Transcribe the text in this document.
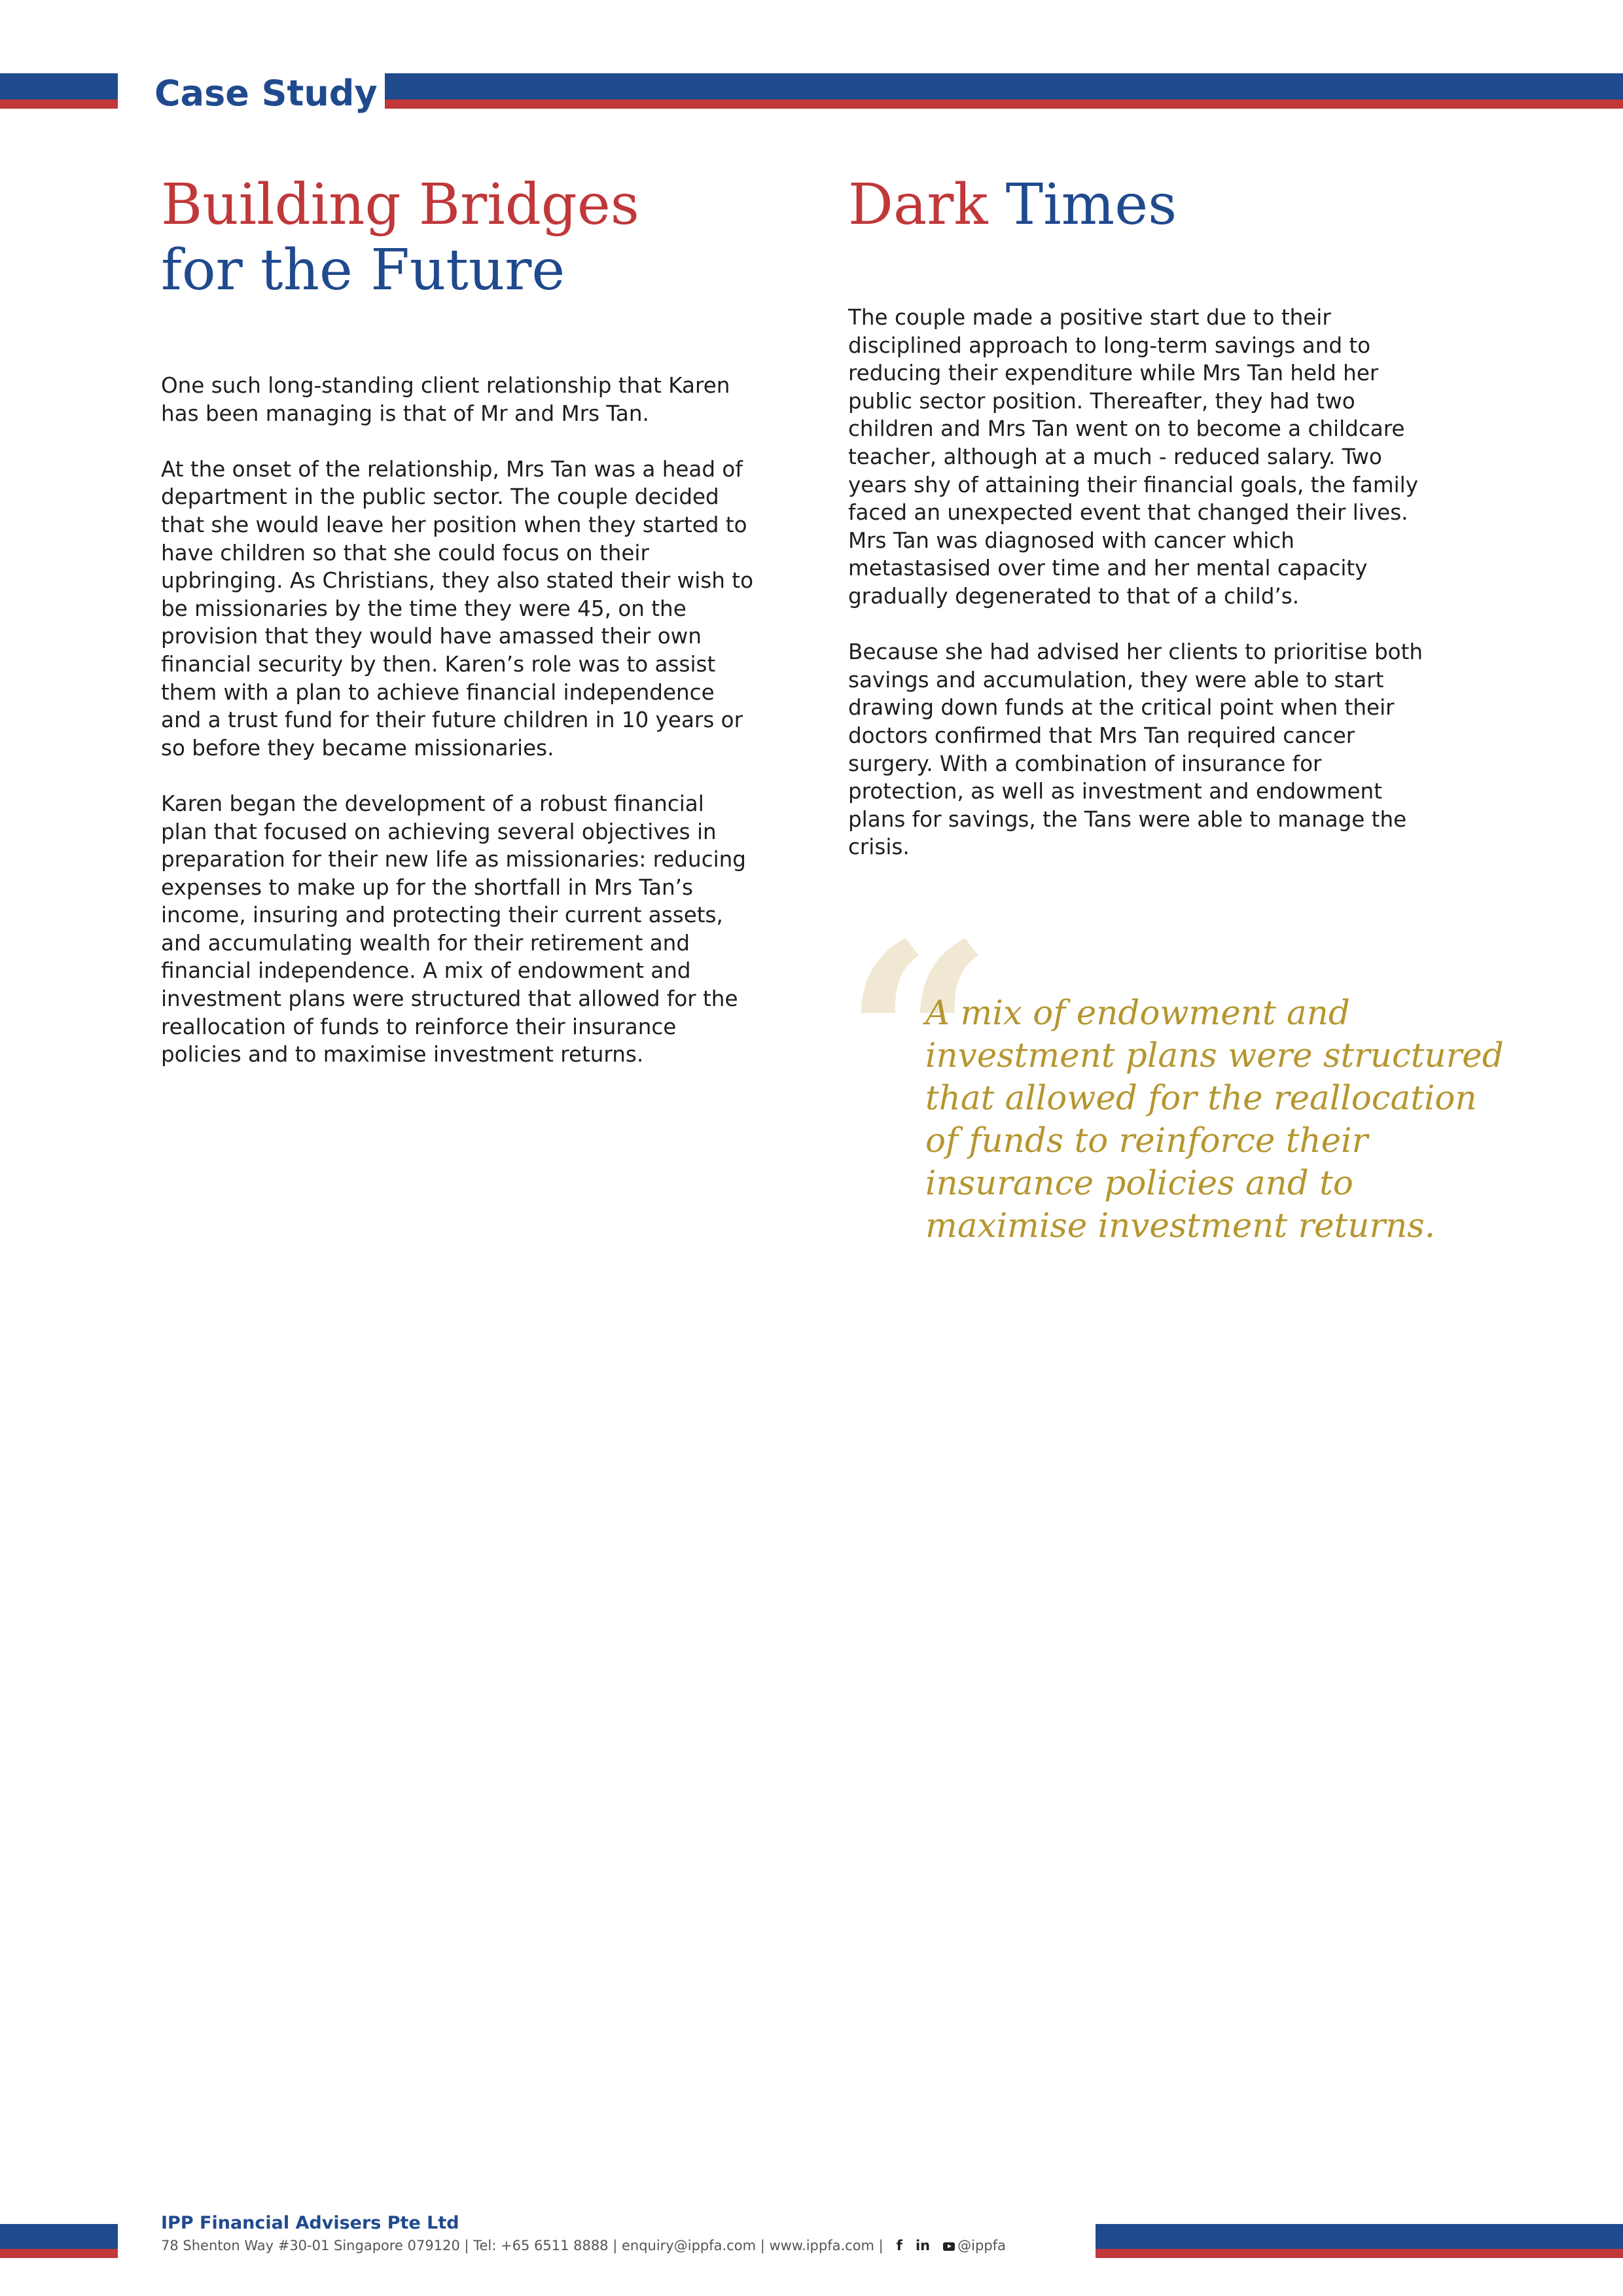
Case Study
Building Bridges
for the Future

One such long-standing client relationship that Karen
has been managing is that of Mr and Mrs Tan.

At the onset of the relationship, Mrs Tan was a head of
department in the public sector. The couple decided
that she would leave her position when they started to
have children so that she could focus on their
upbringing. As Christians, they also stated their wish to
be missionaries by the time they were 45, on the
provision that they would have amassed their own
financial security by then. Karen’s role was to assist
them with a plan to achieve financial independence
and a trust fund for their future children in 10 years or
so before they became missionaries.

Karen began the development of a robust financial
plan that focused on achieving several objectives in
preparation for their new life as missionaries: reducing
expenses to make up for the shortfall in Mrs Tan’s
income, insuring and protecting their current assets,
and accumulating wealth for their retirement and
financial independence. A mix of endowment and
investment plans were structured that allowed for the
reallocation of funds to reinforce their insurance
policies and to maximise investment returns.

Dark Times

The couple made a positive start due to their
disciplined approach to long-term savings and to
reducing their expenditure while Mrs Tan held her
public sector position. Thereafter, they had two
children and Mrs Tan went on to become a childcare
teacher, although at a much - reduced salary. Two
years shy of attaining their financial goals, the family
faced an unexpected event that changed their lives.
Mrs Tan was diagnosed with cancer which
metastasised over time and her mental capacity
gradually degenerated to that of a child’s.

Because she had advised her clients to prioritise both
savings and accumulation, they were able to start
drawing down funds at the critical point when their
doctors confirmed that Mrs Tan required cancer
surgery. With a combination of insurance for
protection, as well as investment and endowment
plans for savings, the Tans were able to manage the
crisis.

“
A mix of endowment and
investment plans were structured
that allowed for the reallocation
of funds to reinforce their
insurance policies and to
maximise investment returns.
IPP Financial Advisers Pte Ltd
78 Shenton Way #30-01 Singapore 079120 | Tel: +65 6511 8888 | enquiry@ippfa.com | www.ippfa.com | f in @ippfa
